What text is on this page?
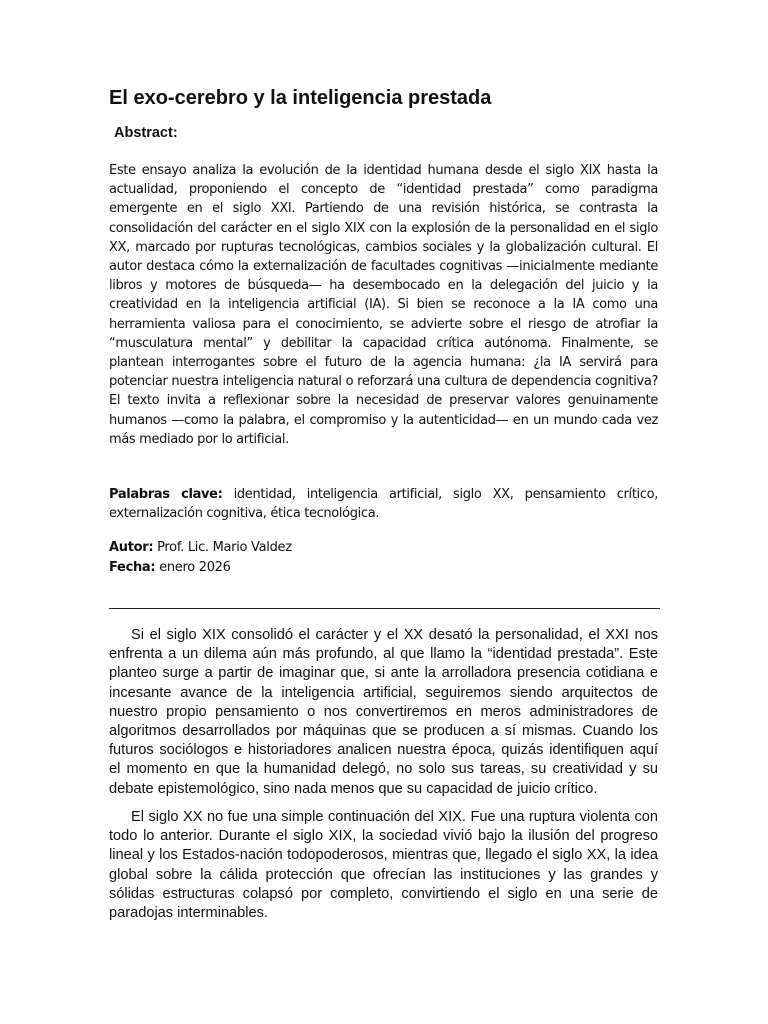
El exo-cerebro y la inteligencia prestada
Abstract:

Este ensayo analiza la evolución de la identidad humana desde el siglo XIX hasta la actualidad, proponiendo el concepto de “identidad prestada” como paradigma emergente en el siglo XXI. Partiendo de una revisión histórica, se contrasta la consolidación del carácter en el siglo XIX con la explosión de la personalidad en el siglo XX, marcado por rupturas tecnológicas, cambios sociales y la globalización cultural. El autor destaca cómo la externalización de facultades cognitivas —inicialmente mediante libros y motores de búsqueda— ha desembocado en la delegación del juicio y la creatividad en la inteligencia artificial (IA). Si bien se reconoce a la IA como una herramienta valiosa para el conocimiento, se advierte sobre el riesgo de atrofiar la “musculatura mental” y debilitar la capacidad crítica autónoma. Finalmente, se plantean interrogantes sobre el futuro de la agencia humana: ¿la IA servirá para potenciar nuestra inteligencia natural o reforzará una cultura de dependencia cognitiva? El texto invita a reflexionar sobre la necesidad de preservar valores genuinamente humanos —como la palabra, el compromiso y la autenticidad— en un mundo cada vez más mediado por lo artificial.

Palabras clave: identidad, inteligencia artificial, siglo XX, pensamiento crítico, externalización cognitiva, ética tecnológica.

Autor: Prof. Lic. Mario Valdez

Fecha: enero 2026

Si el siglo XIX consolidó el carácter y el XX desató la personalidad, el XXI nos enfrenta a un dilema aún más profundo, al que llamo la “identidad prestada”. Este planteo surge a partir de imaginar que, si ante la arrolladora presencia cotidiana e incesante avance de la inteligencia artificial, seguiremos siendo arquitectos de nuestro propio pensamiento o nos convertiremos en meros administradores de algoritmos desarrollados por máquinas que se producen a sí mismas. Cuando los futuros sociólogos e historiadores analicen nuestra época, quizás identifiquen aquí el momento en que la humanidad delegó, no solo sus tareas, su creatividad y su debate epistemológico, sino nada menos que su capacidad de juicio crítico.

El siglo XX no fue una simple continuación del XIX. Fue una ruptura violenta con todo lo anterior. Durante el siglo XIX, la sociedad vivió bajo la ilusión del progreso lineal y los Estados-nación todopoderosos, mientras que, llegado el siglo XX, la idea global sobre la cálida protección que ofrecían las instituciones y las grandes y sólidas estructuras colapsó por completo, convirtiendo el siglo en una serie de paradojas interminables.
